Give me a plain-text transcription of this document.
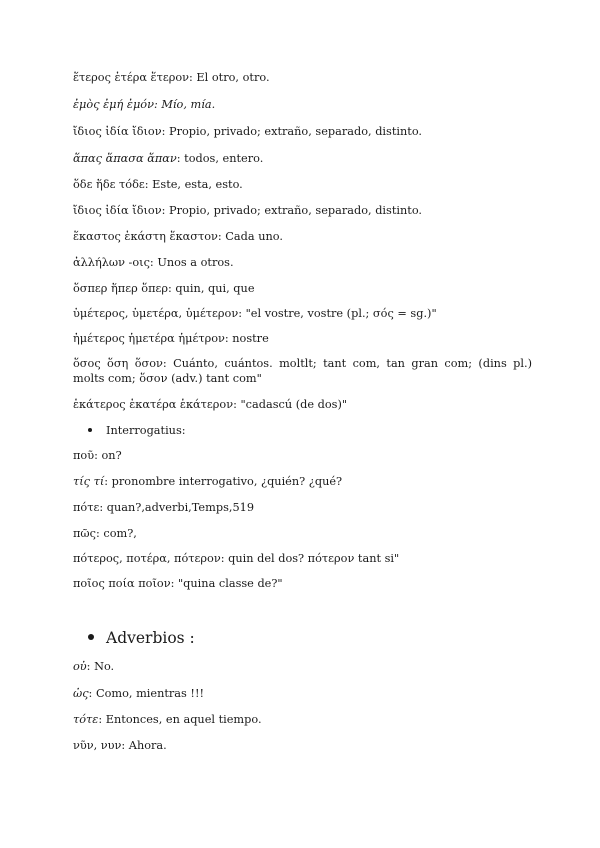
ἕτερος ἑτέρα ἕτερον: El otro, otro.
ἐμὸς ἐμή ἐμόν: Mío, mía.
ἴδιος ἰδία ἴδιον: Propio, privado; extraño, separado, distinto.
ἅπας ἅπασα ἅπαν: todos, entero.
ὅδε ἥδε τόδε: Este, esta, esto.
ἴδιος ἰδία ἴδιον: Propio, privado; extraño, separado, distinto.
ἕκαστος ἑκάστη ἕκαστον: Cada uno.
ἀλλήλων -οις: Unos a otros.
ὅσπερ ἥπερ ὅπερ: quin, qui, que
ὑμέτερος, ὑμετέρα, ὑμέτερον: "el vostre, vostre (pl.; σός = sg.)"
ἡμέτερος ἡμετέρα ἡμέτρον: nostre
ὅσος ὅση ὅσον: Cuánto, cuántos. moltlt; tant com, tan gran com; (dins pl.) molts com; ὅσον (adv.) tant com"
ἑκάτερος ἑκατέρα ἑκάτερον: "cadascú (de dos)"
Interrogatius:
ποῦ: on?
τίς τί: pronombre interrogativo, ¿quién? ¿qué?
πότε: quan?,adverbi,Temps,519
πῶς: com?,
πότερος, ποτέρα, πότερον: quin del dos? πότερον tant si"
ποῖος ποία ποῖον: "quina classe de?"
Adverbios :
οὐ: No.
ὡς: Como, mientras !!!
τότε: Entonces, en aquel tiempo.
νῦν, νυν: Ahora.
